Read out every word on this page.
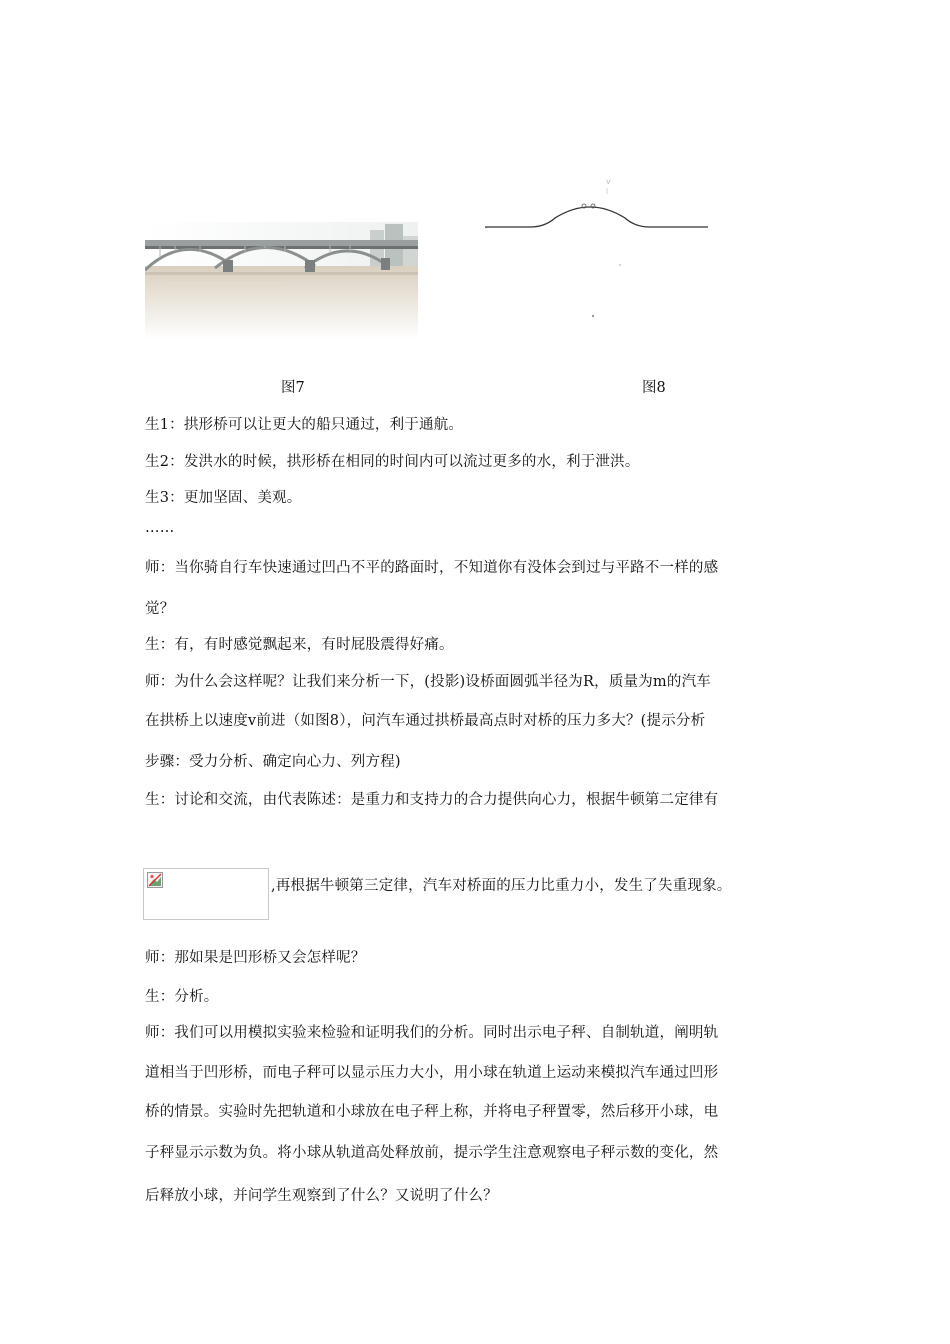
v
-
图7	图8
生1：拱形桥可以让更大的船只通过，利于通航。
生2：发洪水的时候，拱形桥在相同的时间内可以流过更多的水，利于泄洪。
生3：更加坚固、美观。
……
师：当你骑自行车快速通过凹凸不平的路面时，不知道你有没体会到过与平路不一样的感
觉？
生：有，有时感觉飘起来，有时屁股震得好痛。
师：为什么会这样呢？让我们来分析一下，(投影)设桥面圆弧半径为R，质量为m的汽车
在拱桥上以速度v前进（如图8），问汽车通过拱桥最高点时对桥的压力多大？(提示分析
步骤：受力分析、确定向心力、列方程)
生：讨论和交流，由代表陈述：是重力和支持力的合力提供向心力，根据牛顿第二定律有
,再根据牛顿第三定律，汽车对桥面的压力比重力小，发生了失重现象。
师：那如果是凹形桥又会怎样呢？
生：分析。
师：我们可以用模拟实验来检验和证明我们的分析。同时出示电子秤、自制轨道，阐明轨
道相当于凹形桥，而电子秤可以显示压力大小，用小球在轨道上运动来模拟汽车通过凹形
桥的情景。实验时先把轨道和小球放在电子秤上称，并将电子秤置零，然后移开小球，电
子秤显示示数为负。将小球从轨道高处释放前，提示学生注意观察电子秤示数的变化，然
后释放小球，并问学生观察到了什么？又说明了什么？
